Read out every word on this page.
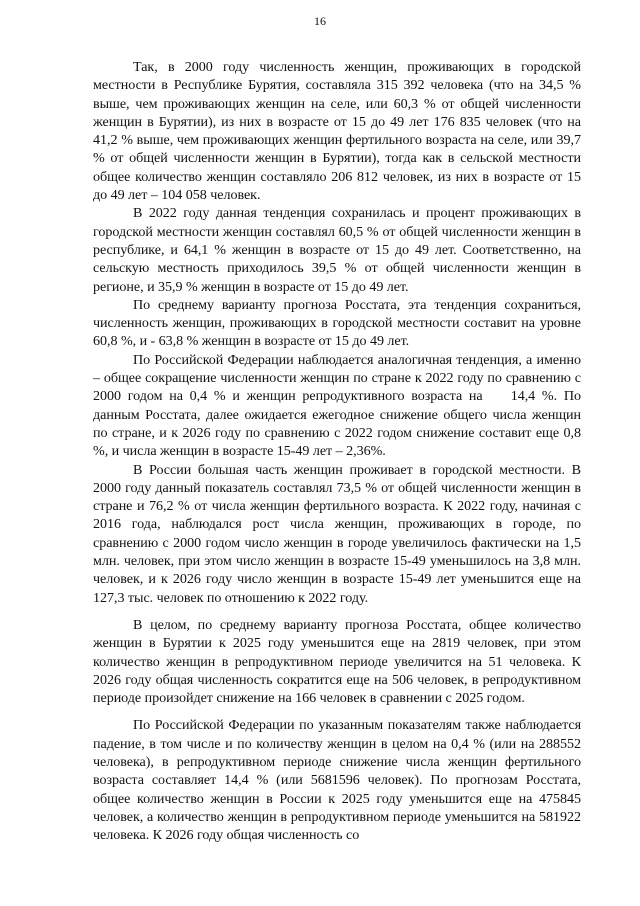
16

Так, в 2000 году численность женщин, проживающих в городской местности в Республике Бурятия, составляла 315 392 человека (что на 34,5 % выше, чем проживающих женщин на селе, или 60,3 % от общей численности женщин в Бурятии), из них в возрасте от 15 до 49 лет 176 835 человек (что на 41,2 % выше, чем проживающих женщин фертильного возраста на селе, или 39,7 % от общей численности женщин в Бурятии), тогда как в сельской местности общее количество женщин составляло 206 812 человек, из них в возрасте от 15 до 49 лет – 104 058 человек.

В 2022 году данная тенденция сохранилась и процент проживающих в городской местности женщин составлял 60,5 % от общей численности женщин в республике, и 64,1 % женщин в возрасте от 15 до 49 лет. Соответственно, на сельскую местность приходилось 39,5 % от общей численности женщин в регионе, и 35,9 % женщин в возрасте от 15 до 49 лет.

По среднему варианту прогноза Росстата, эта тенденция сохраниться, численность женщин, проживающих в городской местности составит на уровне 60,8 %, и - 63,8 % женщин в возрасте от 15 до 49 лет.

По Российской Федерации наблюдается аналогичная тенденция, а именно – общее сокращение численности женщин по стране к 2022 году по сравнению с 2000 годом на 0,4 % и женщин репродуктивного возраста на  14,4 %. По данным Росстата, далее ожидается ежегодное снижение общего числа женщин по стране, и к 2026 году по сравнению с 2022 годом снижение составит еще 0,8 %, и числа женщин в возрасте 15-49 лет – 2,36%.

В России большая часть женщин проживает в городской местности. В 2000 году данный показатель составлял 73,5 % от общей численности женщин в стране и 76,2 % от числа женщин фертильного возраста. К 2022 году, начиная с 2016 года, наблюдался рост числа женщин, проживающих в городе, по сравнению с 2000 годом число женщин в городе увеличилось фактически на 1,5 млн. человек, при этом число женщин в возрасте 15-49 уменьшилось на 3,8 млн. человек, и к 2026 году число женщин в возрасте 15-49 лет уменьшится еще на 127,3 тыс. человек по отношению к 2022 году.

В целом, по среднему варианту прогноза Росстата, общее количество женщин в Бурятии к 2025 году уменьшится еще на 2819 человек, при этом количество женщин в репродуктивном периоде увеличится на 51 человека. К 2026 году общая численность сократится еще на 506 человек, в репродуктивном периоде произойдет снижение на 166 человек в сравнении с 2025 годом.

По Российской Федерации по указанным показателям также наблюдается падение, в том числе и по количеству женщин в целом на 0,4 % (или на 288552 человека), в репродуктивном периоде снижение числа женщин фертильного возраста составляет 14,4 % (или 5681596 человек). По прогнозам Росстата, общее количество женщин в России к 2025 году уменьшится еще на 475845 человек, а количество женщин в репродуктивном периоде уменьшится на 581922 человека. К 2026 году общая численность со
